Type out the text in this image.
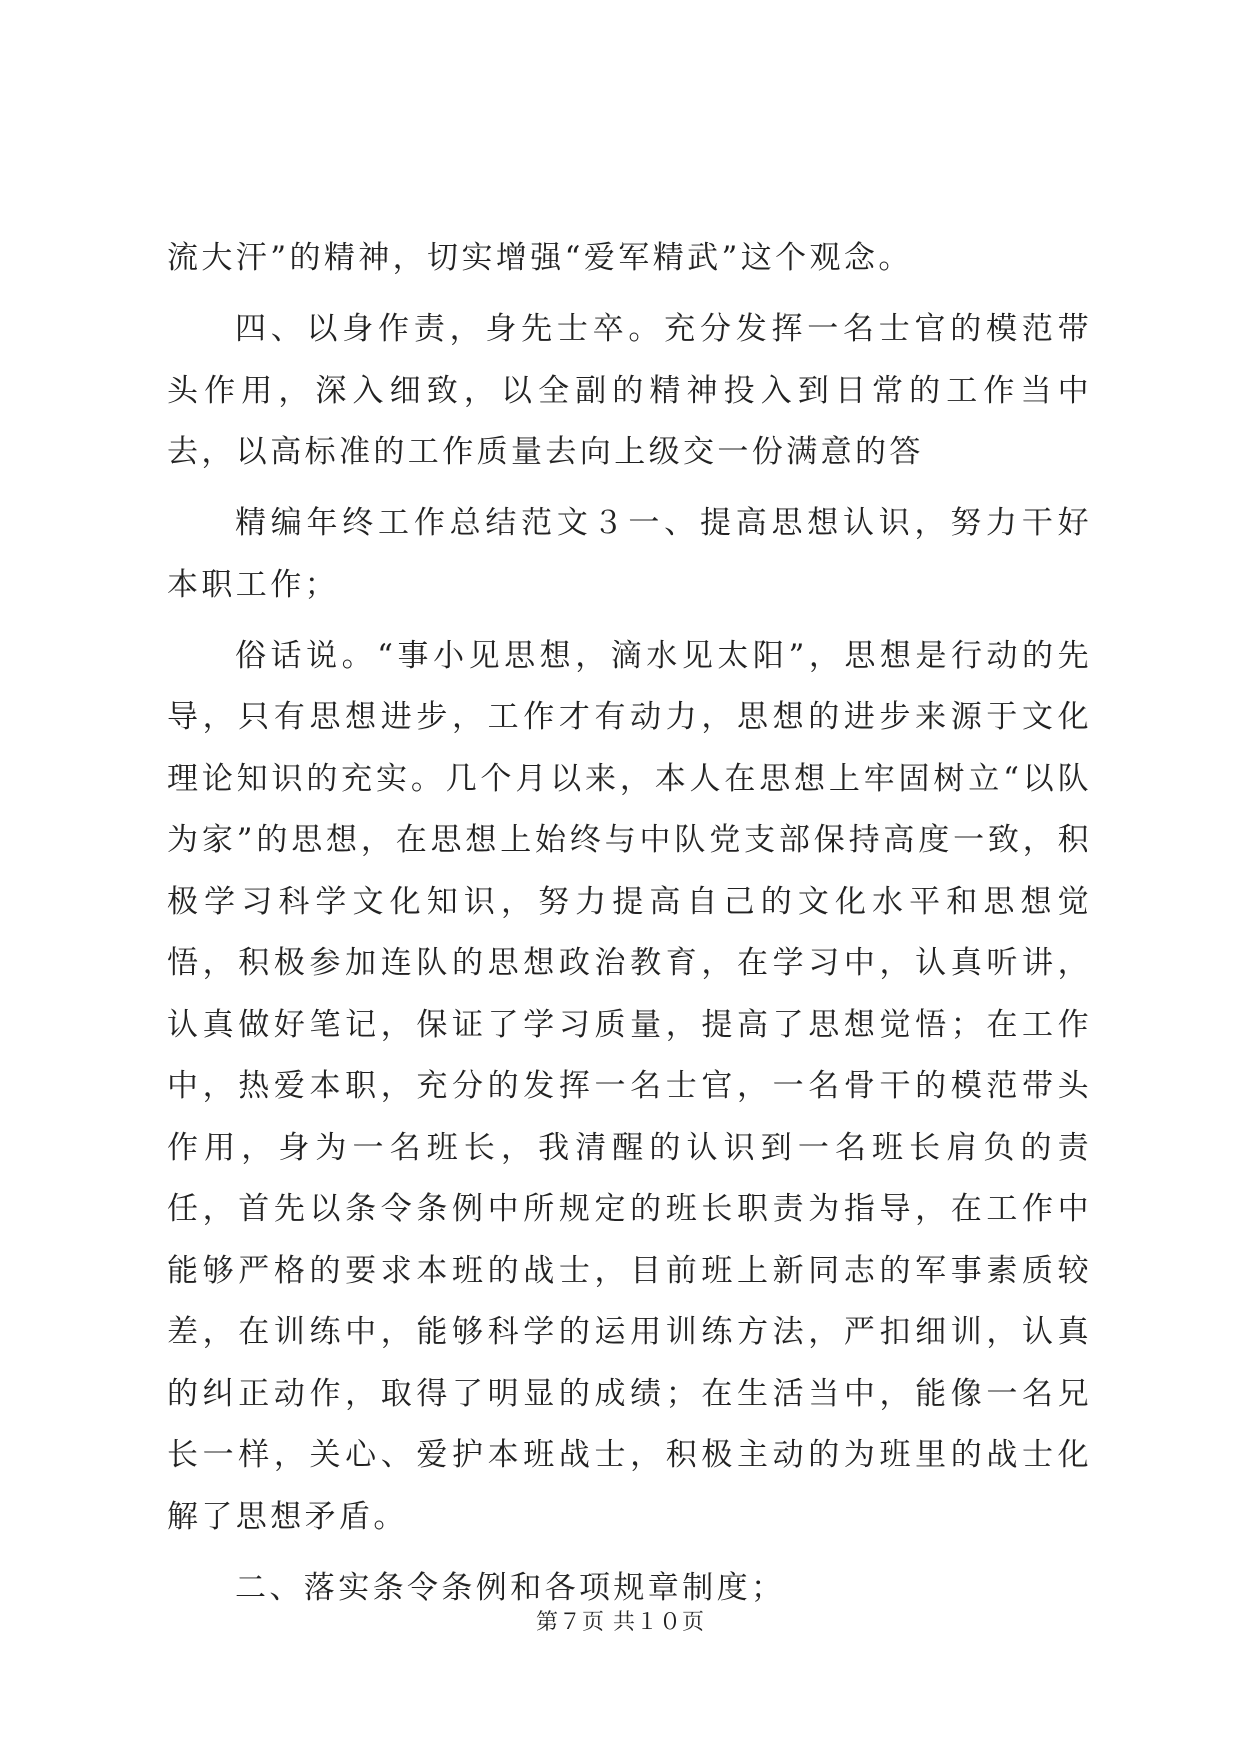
流大汗”的精神，切实增强“爱军精武”这个观念。

四、以身作责，身先士卒。充分发挥一名士官的模范带头作用，深入细致，以全副的精神投入到日常的工作当中去，以高标准的工作质量去向上级交一份满意的答

精编年终工作总结范文３一、提高思想认识，努力干好本职工作；

俗话说。“事小见思想，滴水见太阳”，思想是行动的先导，只有思想进步，工作才有动力，思想的进步来源于文化理论知识的充实。几个月以来，本人在思想上牢固树立“以队为家”的思想，在思想上始终与中队党支部保持高度一致，积极学习科学文化知识，努力提高自己的文化水平和思想觉悟，积极参加连队的思想政治教育，在学习中，认真听讲，认真做好笔记，保证了学习质量，提高了思想觉悟；在工作中，热爱本职，充分的发挥一名士官，一名骨干的模范带头作用，身为一名班长，我清醒的认识到一名班长肩负的责任，首先以条令条例中所规定的班长职责为指导，在工作中能够严格的要求本班的战士，目前班上新同志的军事素质较差，在训练中，能够科学的运用训练方法，严扣细训，认真的纠正动作，取得了明显的成绩；在生活当中，能像一名兄长一样，关心、爱护本班战士，积极主动的为班里的战士化解了思想矛盾。

二、落实条令条例和各项规章制度；

第７页 共１０页
